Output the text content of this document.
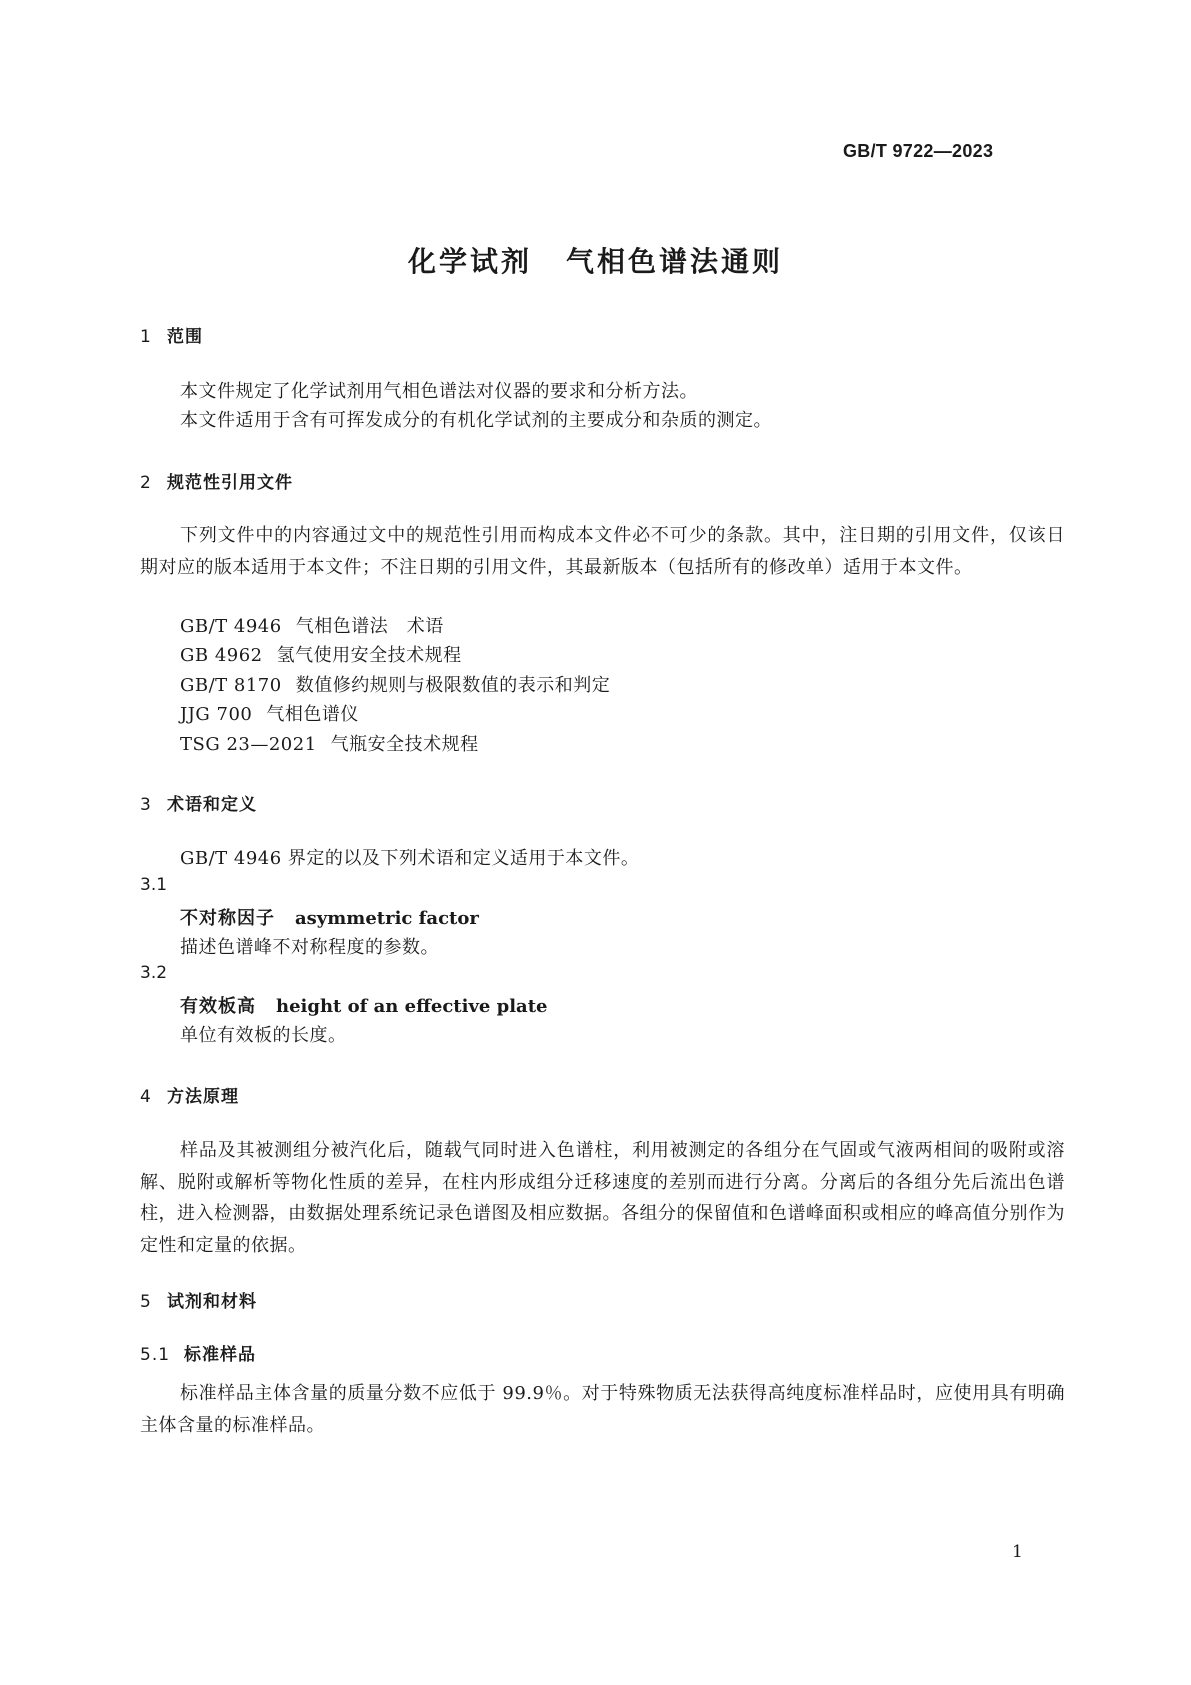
GB/T 9722—2023
化学试剂 气相色谱法通则
1 范围
本文件规定了化学试剂用气相色谱法对仪器的要求和分析方法。
本文件适用于含有可挥发成分的有机化学试剂的主要成分和杂质的测定。
2 规范性引用文件
下列文件中的内容通过文中的规范性引用而构成本文件必不可少的条款。其中，注日期的引用文件，仅该日期对应的版本适用于本文件；不注日期的引用文件，其最新版本（包括所有的修改单）适用于本文件。
GB/T 4946 气相色谱法　术语
GB 4962 氢气使用安全技术规程
GB/T 8170 数值修约规则与极限数值的表示和判定
JJG 700 气相色谱仪
TSG 23—2021 气瓶安全技术规程
3 术语和定义
GB/T 4946 界定的以及下列术语和定义适用于本文件。
3.1
不对称因子 asymmetric factor
描述色谱峰不对称程度的参数。
3.2
有效板高 height of an effective plate
单位有效板的长度。
4 方法原理
样品及其被测组分被汽化后，随载气同时进入色谱柱，利用被测定的各组分在气固或气液两相间的吸附或溶解、脱附或解析等物化性质的差异，在柱内形成组分迁移速度的差别而进行分离。分离后的各组分先后流出色谱柱，进入检测器，由数据处理系统记录色谱图及相应数据。各组分的保留值和色谱峰面积或相应的峰高值分别作为定性和定量的依据。
5 试剂和材料
5.1 标准样品
标准样品主体含量的质量分数不应低于 99.9％。对于特殊物质无法获得高纯度标准样品时，应使用具有明确主体含量的标准样品。
1
